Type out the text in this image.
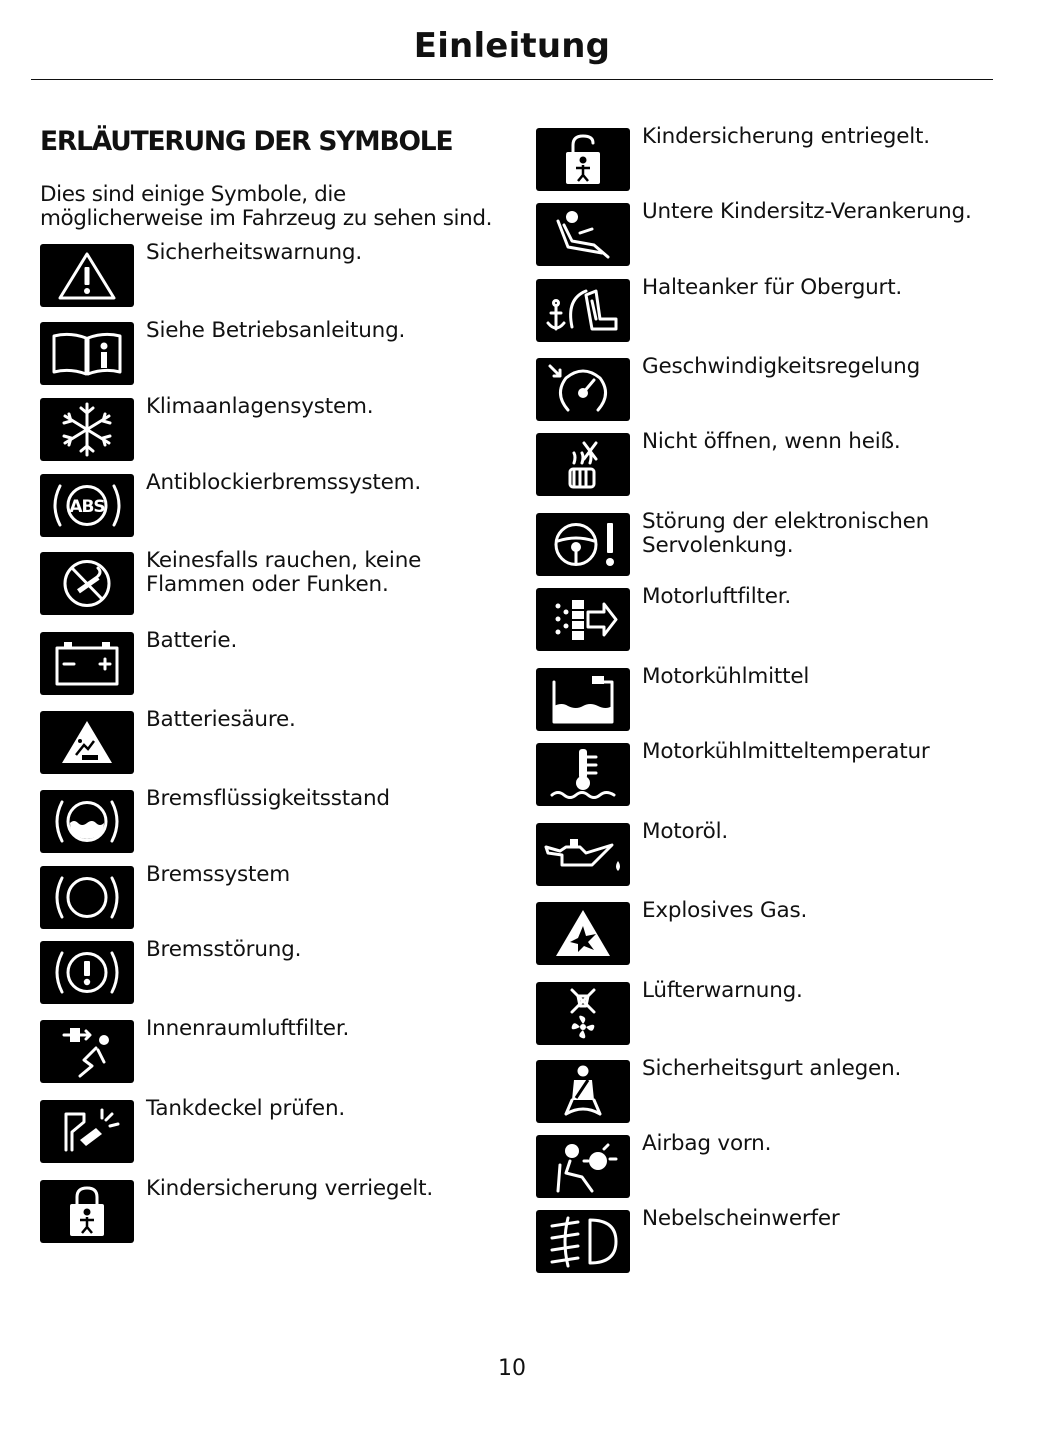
Einleitung
ERLÄUTERUNG DER SYMBOLE
Dies sind einige Symbole, die möglicherweise im Fahrzeug zu sehen sind.
Sicherheitswarnung.
Siehe Betriebsanleitung.
Klimaanlagensystem.
ABS
Antiblockierbremssystem.
Keinesfalls rauchen, keine Flammen oder Funken.
Batterie.
Batteriesäure.
Bremsflüssigkeitsstand
Bremssystem
Bremsstörung.
Innenraumluftfilter.
Tankdeckel prüfen.
Kindersicherung verriegelt.
Kindersicherung entriegelt.
Untere Kindersitz-Verankerung.
Halteanker für Obergurt.
Geschwindigkeitsregelung
Nicht öffnen, wenn heiß.
Störung der elektronischen Servolenkung.
Motorluftfilter.
Motorkühlmittel
Motorkühlmitteltemperatur
Motoröl.
Explosives Gas.
Lüfterwarnung.
Sicherheitsgurt anlegen.
Airbag vorn.
Nebelscheinwerfer
10
